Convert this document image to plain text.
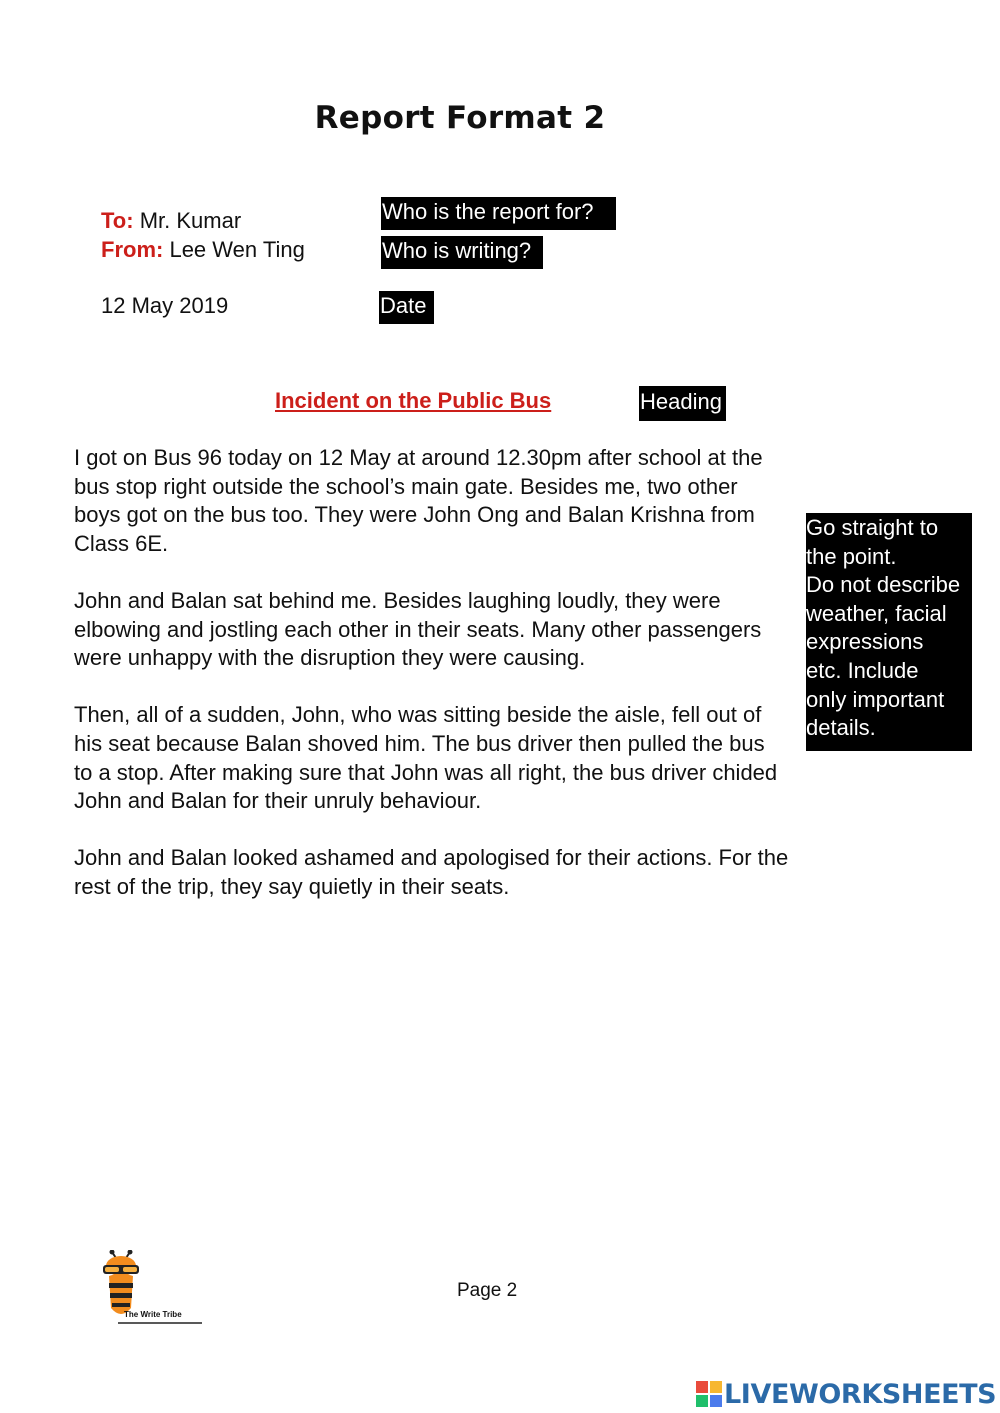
Report Format 2
To: Mr. Kumar
From: Lee Wen Ting
12 May 2019
Who is the report for?
Who is writing?
Date
Incident on the Public Bus	Heading

I got on Bus 96 today on 12 May at around 12.30pm after school at the bus stop right outside the school’s main gate. Besides me, two other boys got on the bus too. They were John Ong and Balan Krishna from Class 6E.

John and Balan sat behind me. Besides laughing loudly, they were elbowing and jostling each other in their seats. Many other passengers were unhappy with the disruption they were causing.

Then, all of a sudden, John, who was sitting beside the aisle, fell out of his seat because Balan shoved him. The bus driver then pulled the bus to a stop. After making sure that John was all right, the bus driver chided John and Balan for their unruly behaviour.

John and Balan looked ashamed and apologised for their actions. For the rest of the trip, they say quietly in their seats.

Go straight to
the point.
Do not describe
weather, facial
expressions
etc. Include
only important
details.
The Write Tribe
Page 2
LIVEWORKSHEETS
